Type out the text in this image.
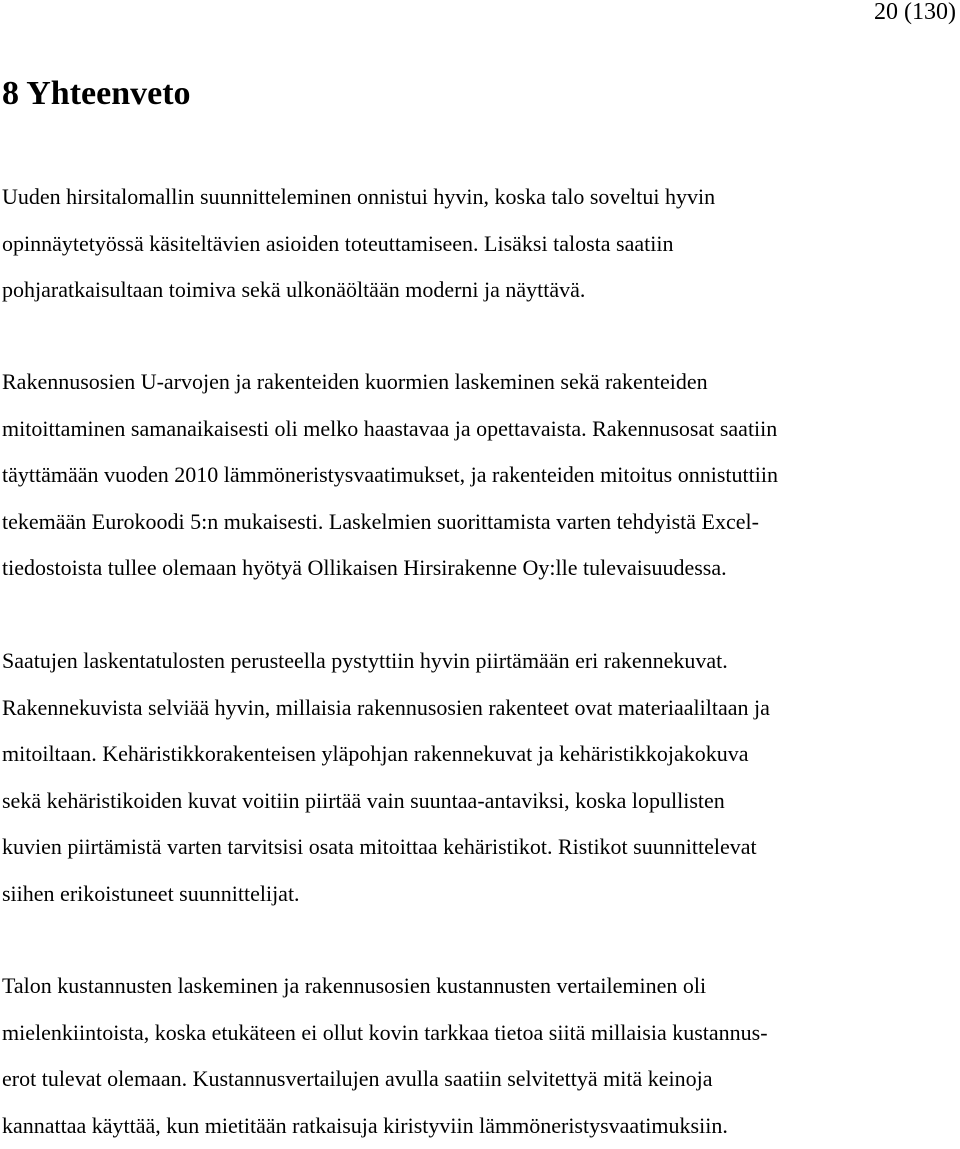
20 (130)
8 Yhteenveto

Uuden hirsitalomallin suunnitteleminen onnistui hyvin, koska talo soveltui hyvin
opinnäytetyössä käsiteltävien asioiden toteuttamiseen. Lisäksi talosta saatiin
pohjaratkaisultaan toimiva sekä ulkonäöltään moderni ja näyttävä.

Rakennusosien U-arvojen ja rakenteiden kuormien laskeminen sekä rakenteiden
mitoittaminen samanaikaisesti oli melko haastavaa ja opettavaista. Rakennusosat saatiin
täyttämään vuoden 2010 lämmöneristysvaatimukset, ja rakenteiden mitoitus onnistuttiin
tekemään Eurokoodi 5:n mukaisesti. Laskelmien suorittamista varten tehdyistä Excel-
tiedostoista tullee olemaan hyötyä Ollikaisen Hirsirakenne Oy:lle tulevaisuudessa.

Saatujen laskentatulosten perusteella pystyttiin hyvin piirtämään eri rakennekuvat.
Rakennekuvista selviää hyvin, millaisia rakennusosien rakenteet ovat materiaaliltaan ja
mitoiltaan. Kehäristikkorakenteisen yläpohjan rakennekuvat ja kehäristikkojakokuva
sekä kehäristikoiden kuvat voitiin piirtää vain suuntaa-antaviksi, koska lopullisten
kuvien piirtämistä varten tarvitsisi osata mitoittaa kehäristikot. Ristikot suunnittelevat
siihen erikoistuneet suunnittelijat.

Talon kustannusten laskeminen ja rakennusosien kustannusten vertaileminen oli
mielenkiintoista, koska etukäteen ei ollut kovin tarkkaa tietoa siitä millaisia kustannus-
erot tulevat olemaan. Kustannusvertailujen avulla saatiin selvitettyä mitä keinoja
kannattaa käyttää, kun mietitään ratkaisuja kiristyviin lämmöneristysvaatimuksiin.
